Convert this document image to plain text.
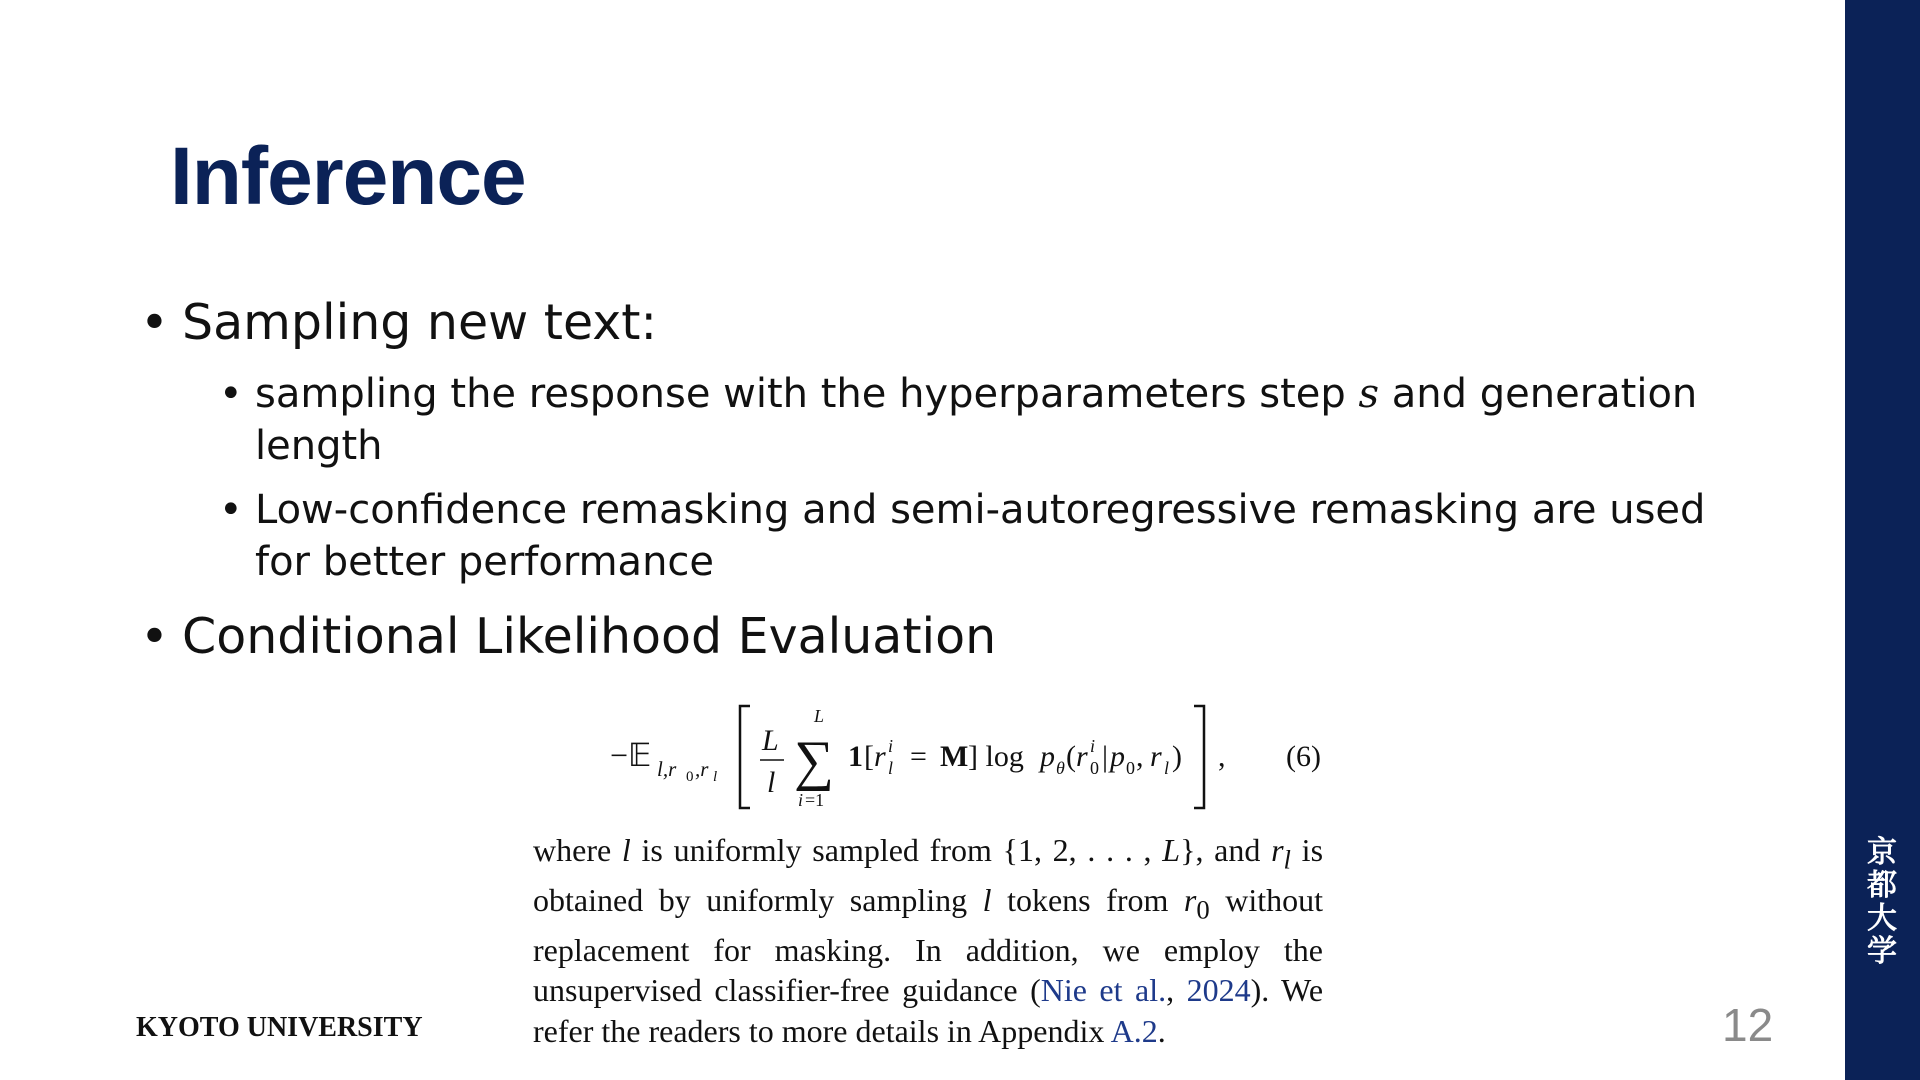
京
都
大
学
Inference
• Sampling new text:
• sampling the response with the hyperparameters step s and generation length
• Low-confidence remasking and semi-autoregressive remasking are used for better performance
• Conditional Likelihood Evaluation
−𝔼 l,r 0 ,r l
L
l
L
∑
i =1
1 [ r i
l = M ] log p θ ( r i
0 | p 0 , r l ) , (6)
where l is uniformly sampled from {1, 2, . . . , L}, and $r_l$ is obtained by uniformly sampling l tokens from $r_0$ without replacement for masking. In addition, we employ the unsupervised classifier-free guidance (Nie et al., 2024). We refer the readers to more details in Appendix A.2.
KYOTO UNIVERSITY	12
